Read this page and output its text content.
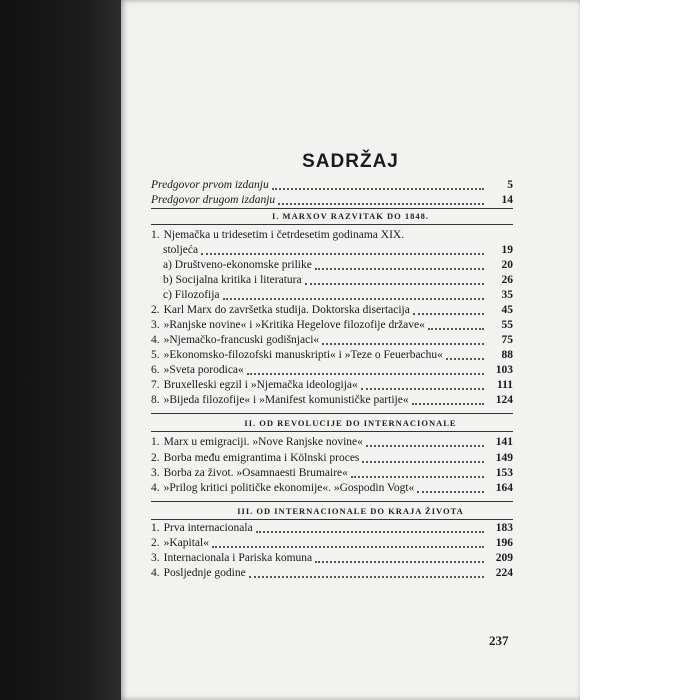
SADRŽAJ
Predgovor prvom izdanju	5
Predgovor drugom izdanju	14
I. MARXOV RAZVITAK DO 1848.
1. Njemačka u tridesetim i četrdesetim godinama XIX.
stoljeća	19
a) Društveno-ekonomske prilike	20
b) Socijalna kritika i literatura	26
c) Filozofija	35
2. Karl Marx do završetka studija. Doktorska disertacija	45
3. »Ranjske novine« i »Kritika Hegelove filozofije države«	55
4. »Njemačko-francuski godišnjaci«	75
5. »Ekonomsko-filozofski manuskripti« i »Teze o Feuerbachu«	88
6. »Sveta porodica«	103
7. Bruxelleski egzil i »Njemačka ideologija«	111
8. »Bijeda filozofije« i »Manifest komunističke partije«	124
II. OD REVOLUCIJE DO INTERNACIONALE
1. Marx u emigraciji. »Nove Ranjske novine«	141
2. Borba među emigrantima i Kölnski proces	149
3. Borba za život. »Osamnaesti Brumaire«	153
4. »Prilog kritici političke ekonomije«. »Gospodin Vogt«	164
III. OD INTERNACIONALE DO KRAJA ŽIVOTA
1. Prva internacionala	183
2. »Kapital«	196
3. Internacionala i Pariska komuna	209
4. Posljednje godine	224
237
